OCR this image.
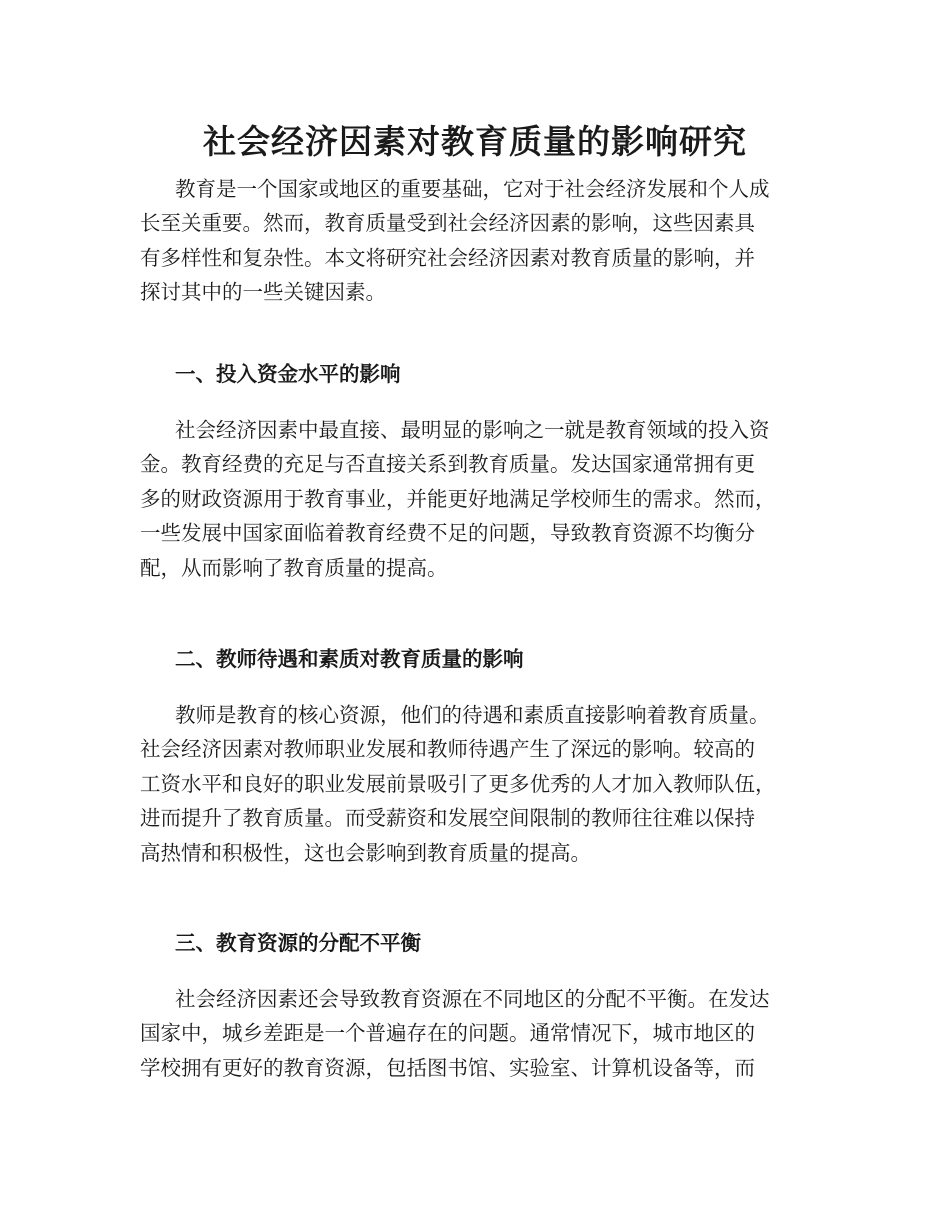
社会经济因素对教育质量的影响研究

教育是一个国家或地区的重要基础，它对于社会经济发展和个人成
长至关重要。然而，教育质量受到社会经济因素的影响，这些因素具
有多样性和复杂性。本文将研究社会经济因素对教育质量的影响，并
探讨其中的一些关键因素。

一、投入资金水平的影响

社会经济因素中最直接、最明显的影响之一就是教育领域的投入资
金。教育经费的充足与否直接关系到教育质量。发达国家通常拥有更
多的财政资源用于教育事业，并能更好地满足学校师生的需求。然而，
一些发展中国家面临着教育经费不足的问题，导致教育资源不均衡分
配，从而影响了教育质量的提高。

二、教师待遇和素质对教育质量的影响

教师是教育的核心资源，他们的待遇和素质直接影响着教育质量。
社会经济因素对教师职业发展和教师待遇产生了深远的影响。较高的
工资水平和良好的职业发展前景吸引了更多优秀的人才加入教师队伍，
进而提升了教育质量。而受薪资和发展空间限制的教师往往难以保持
高热情和积极性，这也会影响到教育质量的提高。

三、教育资源的分配不平衡

社会经济因素还会导致教育资源在不同地区的分配不平衡。在发达
国家中，城乡差距是一个普遍存在的问题。通常情况下，城市地区的
学校拥有更好的教育资源，包括图书馆、实验室、计算机设备等，而
